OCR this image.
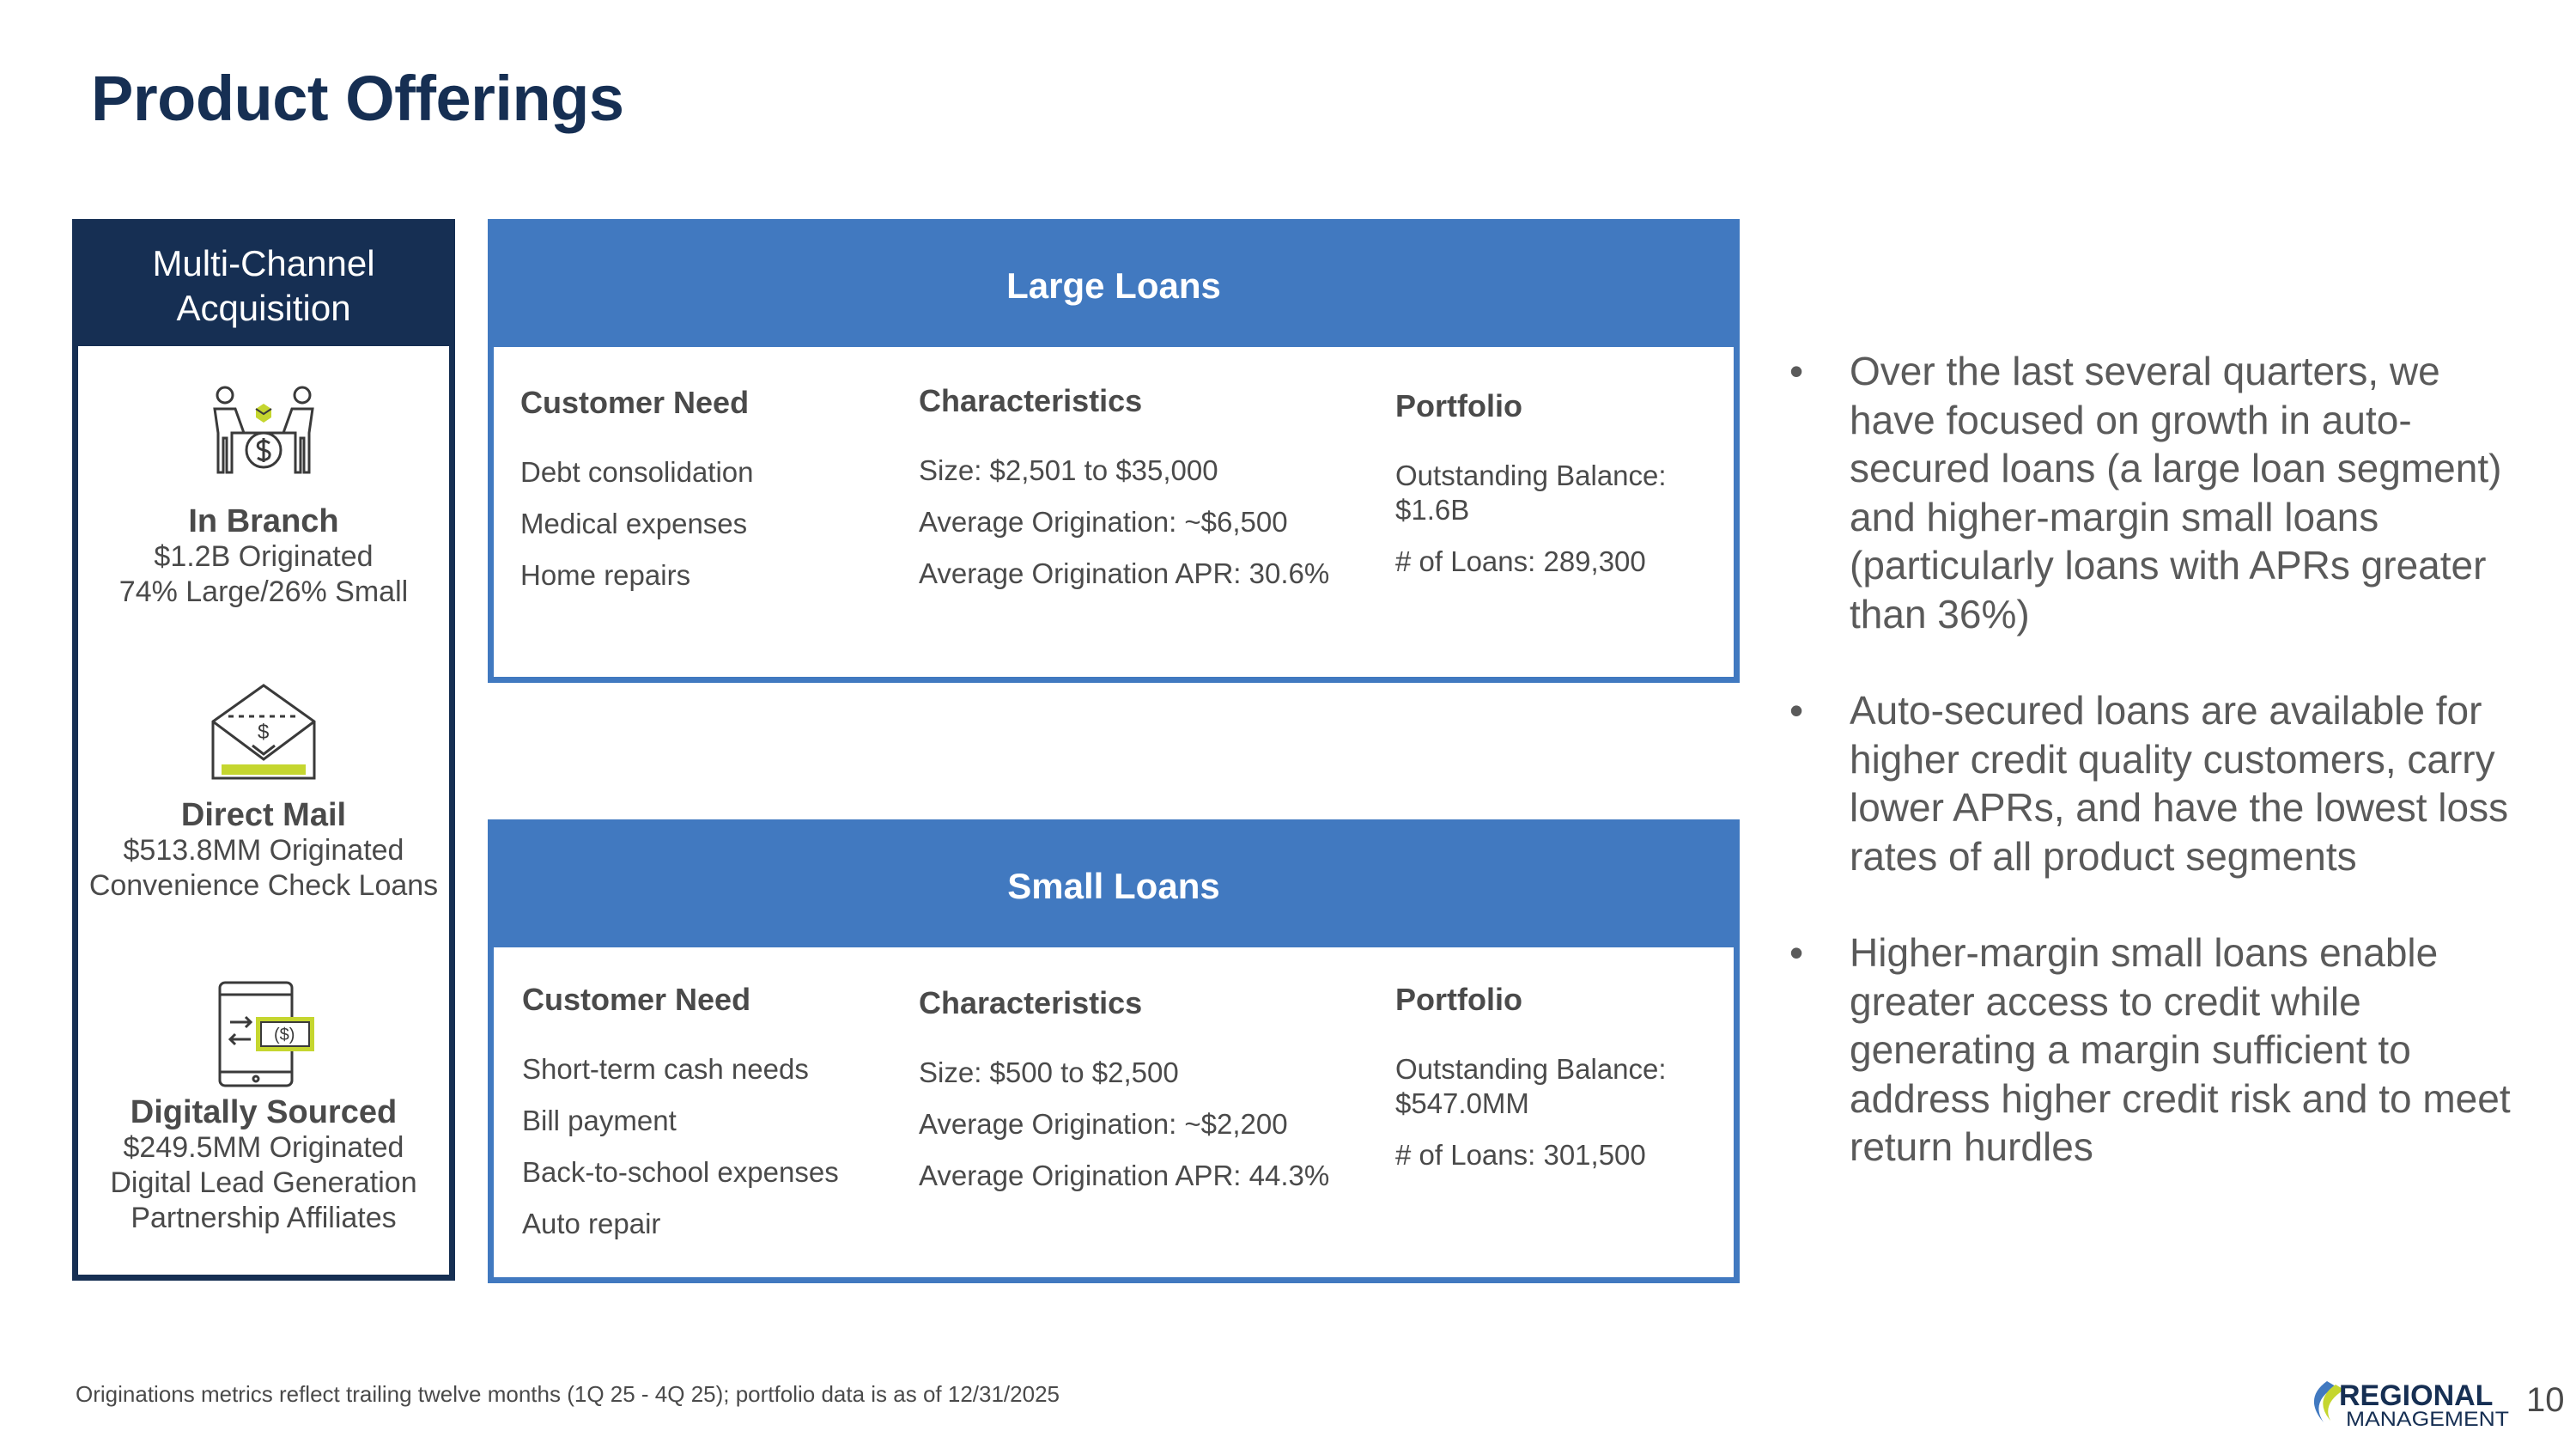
Product Offerings
Multi-Channel
Acquisition
In Branch
$1.2B Originated
74% Large/26% Small
$
Direct Mail
$513.8MM Originated
Convenience Check Loans
($)
Digitally Sourced
$249.5MM Originated
Digital Lead Generation
Partnership Affiliates
Large Loans
Customer Need
Debt consolidation
Medical expenses
Home repairs
Characteristics
Size: $2,501 to $35,000
Average Origination: ~$6,500
Average Origination APR: 30.6%
Portfolio
Outstanding Balance: $1.6B
# of Loans: 289,300
Small Loans
Customer Need
Short-term cash needs
Bill payment
Back-to-school expenses
Auto repair
Characteristics
Size: $500 to $2,500
Average Origination: ~$2,200
Average Origination APR: 44.3%
Portfolio
Outstanding Balance: $547.0MM
# of Loans: 301,500
• Over the last several quarters, we have focused on growth in auto-secured loans (a large loan segment) and higher-margin small loans (particularly loans with APRs greater than 36%)
• Auto-secured loans are available for higher credit quality customers, carry lower APRs, and have the lowest loss rates of all product segments
• Higher-margin small loans enable greater access to credit while generating a margin sufficient to address higher credit risk and to meet return hurdles
Originations metrics reflect trailing twelve months (1Q 25 - 4Q 25); portfolio data is as of 12/31/2025	REGIONAL
MANAGEMENT
10
